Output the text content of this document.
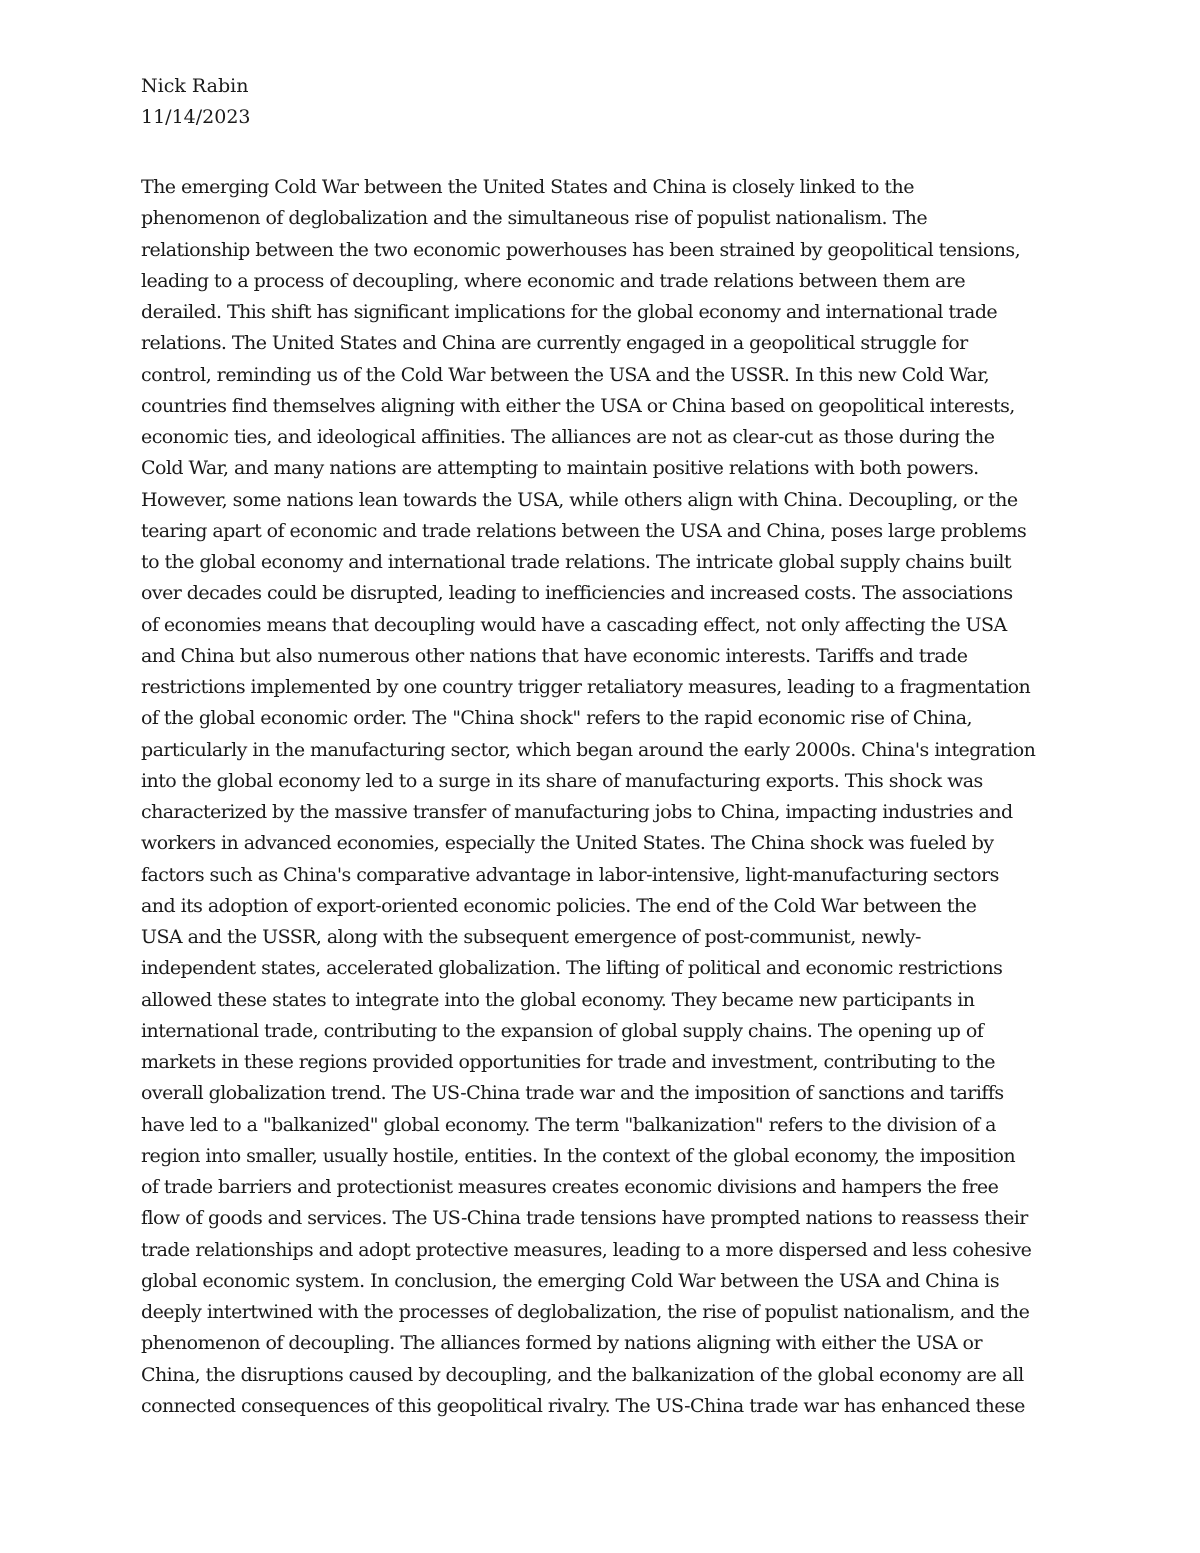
Nick Rabin
11/14/2023
The emerging Cold War between the United States and China is closely linked to the
phenomenon of deglobalization and the simultaneous rise of populist nationalism. The
relationship between the two economic powerhouses has been strained by geopolitical tensions,
leading to a process of decoupling, where economic and trade relations between them are
derailed. This shift has significant implications for the global economy and international trade
relations. The United States and China are currently engaged in a geopolitical struggle for
control, reminding us of the Cold War between the USA and the USSR. In this new Cold War,
countries find themselves aligning with either the USA or China based on geopolitical interests,
economic ties, and ideological affinities. The alliances are not as clear-cut as those during the
Cold War, and many nations are attempting to maintain positive relations with both powers.
However, some nations lean towards the USA, while others align with China. Decoupling, or the
tearing apart of economic and trade relations between the USA and China, poses large problems
to the global economy and international trade relations. The intricate global supply chains built
over decades could be disrupted, leading to inefficiencies and increased costs. The associations
of economies means that decoupling would have a cascading effect, not only affecting the USA
and China but also numerous other nations that have economic interests. Tariffs and trade
restrictions implemented by one country trigger retaliatory measures, leading to a fragmentation
of the global economic order. The "China shock" refers to the rapid economic rise of China,
particularly in the manufacturing sector, which began around the early 2000s. China's integration
into the global economy led to a surge in its share of manufacturing exports. This shock was
characterized by the massive transfer of manufacturing jobs to China, impacting industries and
workers in advanced economies, especially the United States. The China shock was fueled by
factors such as China's comparative advantage in labor-intensive, light-manufacturing sectors
and its adoption of export-oriented economic policies. The end of the Cold War between the
USA and the USSR, along with the subsequent emergence of post-communist, newly-
independent states, accelerated globalization. The lifting of political and economic restrictions
allowed these states to integrate into the global economy. They became new participants in
international trade, contributing to the expansion of global supply chains. The opening up of
markets in these regions provided opportunities for trade and investment, contributing to the
overall globalization trend. The US-China trade war and the imposition of sanctions and tariffs
have led to a "balkanized" global economy. The term "balkanization" refers to the division of a
region into smaller, usually hostile, entities. In the context of the global economy, the imposition
of trade barriers and protectionist measures creates economic divisions and hampers the free
flow of goods and services. The US-China trade tensions have prompted nations to reassess their
trade relationships and adopt protective measures, leading to a more dispersed and less cohesive
global economic system. In conclusion, the emerging Cold War between the USA and China is
deeply intertwined with the processes of deglobalization, the rise of populist nationalism, and the
phenomenon of decoupling. The alliances formed by nations aligning with either the USA or
China, the disruptions caused by decoupling, and the balkanization of the global economy are all
connected consequences of this geopolitical rivalry. The US-China trade war has enhanced these
